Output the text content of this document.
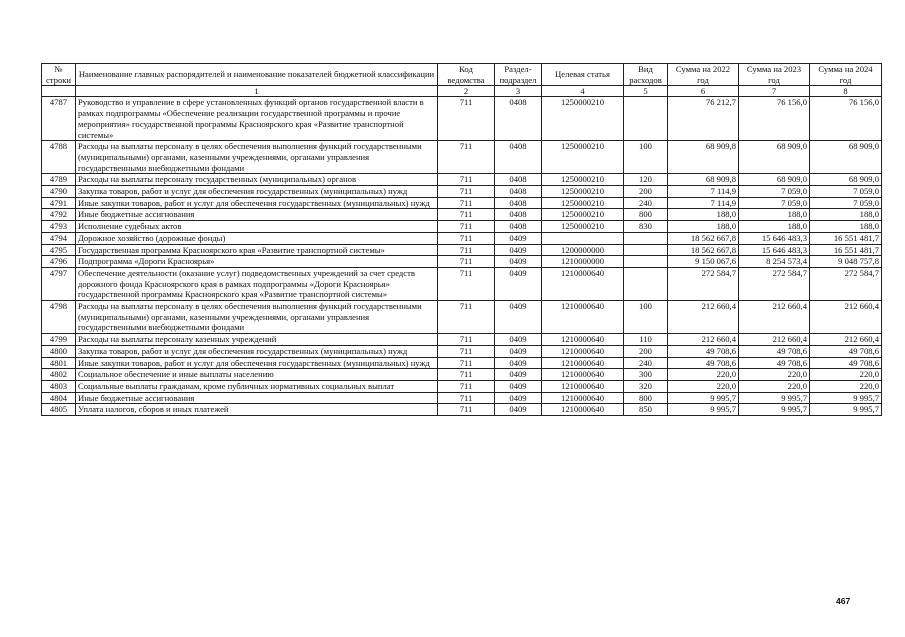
№ строки	Наименование главных распорядителей и наименование показателей бюджетной классификации	Код ведомства	Раздел-подраздел	Целевая статья	Вид расходов	Сумма на 2022 год	Сумма на 2023 год	Сумма на 2024 год
	1	2	3	4	5	6	7	8
4787	Руководство и управление в сфере установленных функций органов государственной власти в рамках подпрограммы «Обеспечение реализации государственной программы и прочие мероприятия» государственной программы Красноярского края «Развитие транспортной системы»	711	0408	1250000210		76 212,7	76 156,0	76 156,0
4788	Расходы на выплаты персоналу в целях обеспечения выполнения функций государственными (муниципальными) органами, казенными учреждениями, органами управления государственными внебюджетными фондами	711	0408	1250000210	100	68 909,8	68 909,0	68 909,0
4789	Расходы на выплаты персоналу государственных (муниципальных) органов	711	0408	1250000210	120	68 909,8	68 909,0	68 909,0
4790	Закупка товаров, работ и услуг для обеспечения государственных (муниципальных) нужд	711	0408	1250000210	200	7 114,9	7 059,0	7 059,0
4791	Иные закупки товаров, работ и услуг для обеспечения государственных (муниципальных) нужд	711	0408	1250000210	240	7 114,9	7 059,0	7 059,0
4792	Иные бюджетные ассигнования	711	0408	1250000210	800	188,0	188,0	188,0
4793	Исполнение судебных актов	711	0408	1250000210	830	188,0	188,0	188,0
4794	Дорожное хозяйство (дорожные фонды)	711	0409			18 562 667,8	15 646 483,3	16 551 481,7
4795	Государственная программа Красноярского края «Развитие транспортной системы»	711	0409	1200000000		18 562 667,8	15 646 483,3	16 551 481,7
4796	Подпрограмма «Дороги Красноярья»	711	0409	1210000000		9 150 067,6	8 254 573,4	9 048 757,8
4797	Обеспечение деятельности (оказание услуг) подведомственных учреждений за счет средств дорожного фонда Красноярского края в рамках подпрограммы «Дороги Красноярья» государственной программы Красноярского края «Развитие транспортной системы»	711	0409	1210000640		272 584,7	272 584,7	272 584,7
4798	Расходы на выплаты персоналу в целях обеспечения выполнения функций государственными (муниципальными) органами, казенными учреждениями, органами управления государственными внебюджетными фондами	711	0409	1210000640	100	212 660,4	212 660,4	212 660,4
4799	Расходы на выплаты персоналу казенных учреждений	711	0409	1210000640	110	212 660,4	212 660,4	212 660,4
4800	Закупка товаров, работ и услуг для обеспечения государственных (муниципальных) нужд	711	0409	1210000640	200	49 708,6	49 708,6	49 708,6
4801	Иные закупки товаров, работ и услуг для обеспечения государственных (муниципальных) нужд	711	0409	1210000640	240	49 708,6	49 708,6	49 708,6
4802	Социальное обеспечение и иные выплаты населению	711	0409	1210000640	300	220,0	220,0	220,0
4803	Социальные выплаты гражданам, кроме публичных нормативных социальных выплат	711	0409	1210000640	320	220,0	220,0	220,0
4804	Иные бюджетные ассигнования	711	0409	1210000640	800	9 995,7	9 995,7	9 995,7
4805	Уплата налогов, сборов и иных платежей	711	0409	1210000640	850	9 995,7	9 995,7	9 995,7
467
